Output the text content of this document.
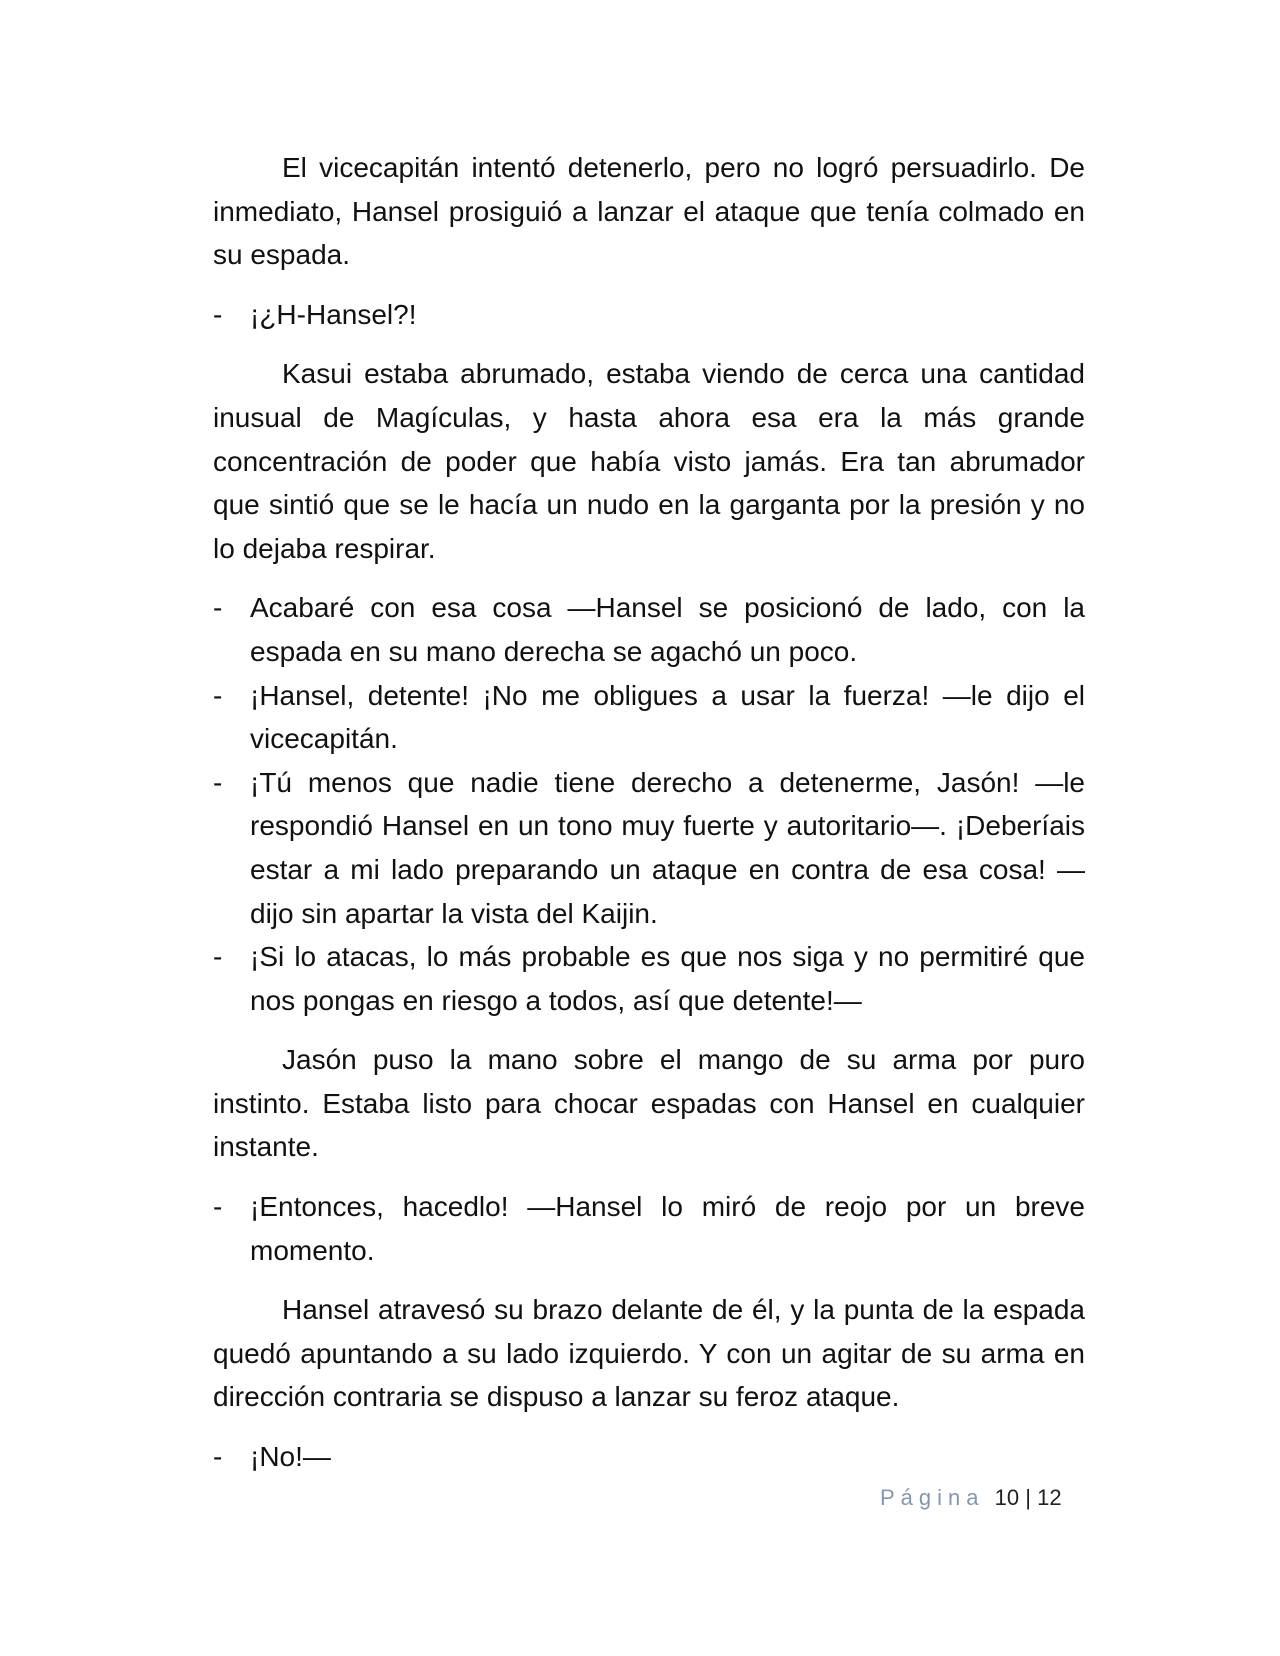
El vicecapitán intentó detenerlo, pero no logró persuadirlo. De inmediato, Hansel prosiguió a lanzar el ataque que tenía colmado en su espada.

- ¡¿H-Hansel?!

Kasui estaba abrumado, estaba viendo de cerca una cantidad inusual de Magículas, y hasta ahora esa era la más grande concentración de poder que había visto jamás. Era tan abrumador que sintió que se le hacía un nudo en la garganta por la presión y no lo dejaba respirar.

- Acabaré con esa cosa —Hansel se posicionó de lado, con la espada en su mano derecha se agachó un poco.
- ¡Hansel, detente! ¡No me obligues a usar la fuerza! —le dijo el vicecapitán.
- ¡Tú menos que nadie tiene derecho a detenerme, Jasón! —le respondió Hansel en un tono muy fuerte y autoritario—. ¡Deberíais estar a mi lado preparando un ataque en contra de esa cosa! —dijo sin apartar la vista del Kaijin.
- ¡Si lo atacas, lo más probable es que nos siga y no permitiré que nos pongas en riesgo a todos, así que detente!—

Jasón puso la mano sobre el mango de su arma por puro instinto. Estaba listo para chocar espadas con Hansel en cualquier instante.

- ¡Entonces, hacedlo! —Hansel lo miró de reojo por un breve momento.

Hansel atravesó su brazo delante de él, y la punta de la espada quedó apuntando a su lado izquierdo. Y con un agitar de su arma en dirección contraria se dispuso a lanzar su feroz ataque.

- ¡No!—
Página 10 | 12
